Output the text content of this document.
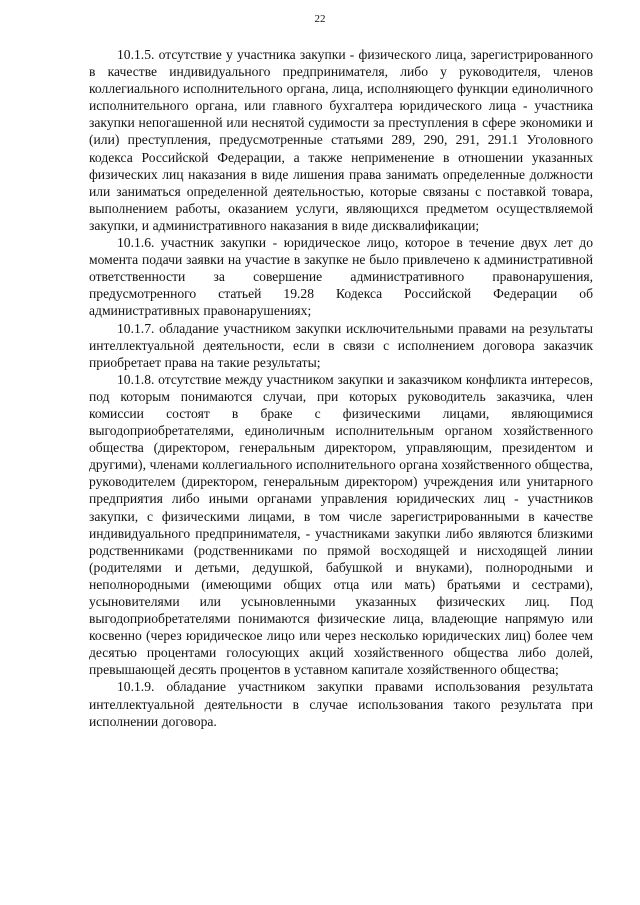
22

10.1.5. отсутствие у участника закупки - физического лица, зарегистрированного в качестве индивидуального предпринимателя, либо у руководителя, членов коллегиального исполнительного органа, лица, исполняющего функции единоличного исполнительного органа, или главного бухгалтера юридического лица - участника закупки непогашенной или неснятой судимости за преступления в сфере экономики и (или) преступления, предусмотренные статьями 289, 290, 291, 291.1 Уголовного кодекса Российской Федерации, а также неприменение в отношении указанных физических лиц наказания в виде лишения права занимать определенные должности или заниматься определенной деятельностью, которые связаны с поставкой товара, выполнением работы, оказанием услуги, являющихся предметом осуществляемой закупки, и административного наказания в виде дисквалификации;

10.1.6. участник закупки - юридическое лицо, которое в течение двух лет до момента подачи заявки на участие в закупке не было привлечено к административной ответственности за совершение административного правонарушения, предусмотренного статьей 19.28 Кодекса Российской Федерации об административных правонарушениях;

10.1.7. обладание участником закупки исключительными правами на результаты интеллектуальной деятельности, если в связи с исполнением договора заказчик приобретает права на такие результаты;

10.1.8. отсутствие между участником закупки и заказчиком конфликта интересов, под которым понимаются случаи, при которых руководитель заказчика, член комиссии состоят в браке с физическими лицами, являющимися выгодоприобретателями, единоличным исполнительным органом хозяйственного общества (директором, генеральным директором, управляющим, президентом и другими), членами коллегиального исполнительного органа хозяйственного общества, руководителем (директором, генеральным директором) учреждения или унитарного предприятия либо иными органами управления юридических лиц - участников закупки, с физическими лицами, в том числе зарегистрированными в качестве индивидуального предпринимателя, - участниками закупки либо являются близкими родственниками (родственниками по прямой восходящей и нисходящей линии (родителями и детьми, дедушкой, бабушкой и внуками), полнородными и неполнородными (имеющими общих отца или мать) братьями и сестрами), усыновителями или усыновленными указанных физических лиц. Под выгодоприобретателями понимаются физические лица, владеющие напрямую или косвенно (через юридическое лицо или через несколько юридических лиц) более чем десятью процентами голосующих акций хозяйственного общества либо долей, превышающей десять процентов в уставном капитале хозяйственного общества;

10.1.9. обладание участником закупки правами использования результата интеллектуальной деятельности в случае использования такого результата при исполнении договора.
